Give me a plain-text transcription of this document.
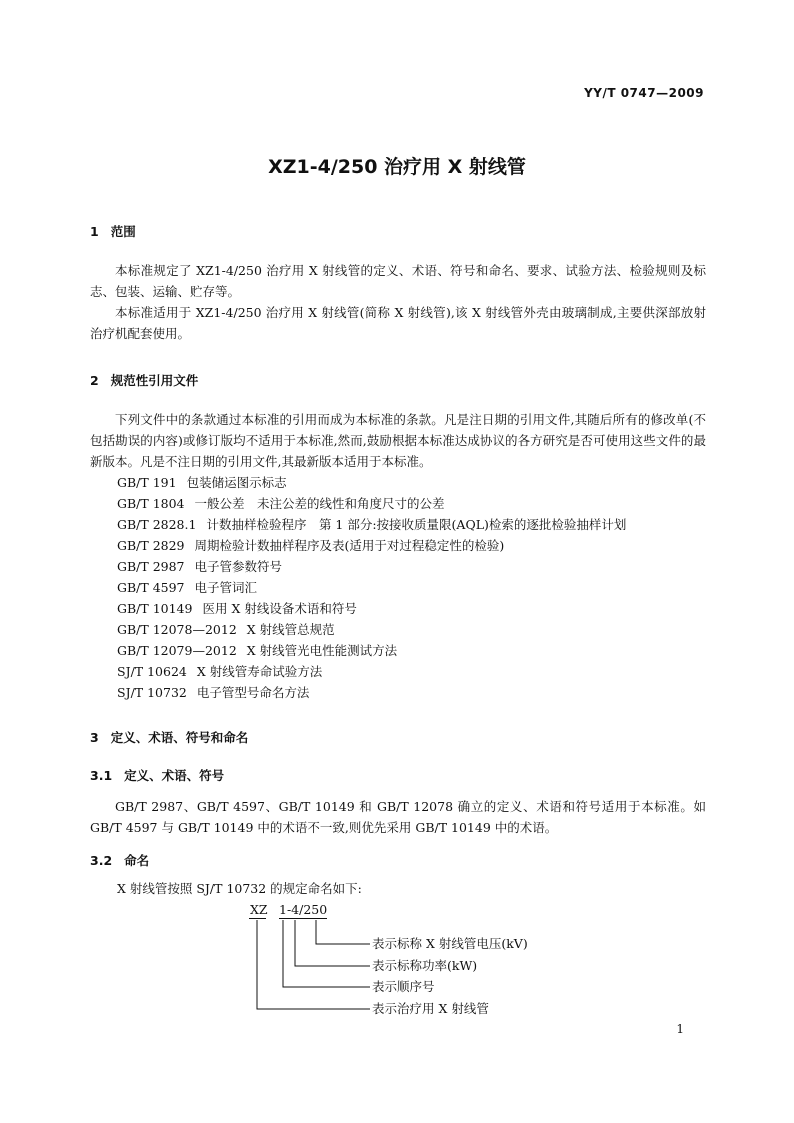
YY/T 0747—2009
XZ1-4/250 治疗用 X 射线管
1 范围

本标准规定了 XZ1-4/250 治疗用 X 射线管的定义、术语、符号和命名、要求、试验方法、检验规则及标志、包装、运输、贮存等。

本标准适用于 XZ1-4/250 治疗用 X 射线管(简称 X 射线管),该 X 射线管外壳由玻璃制成,主要供深部放射治疗机配套使用。

2 规范性引用文件

下列文件中的条款通过本标准的引用而成为本标准的条款。凡是注日期的引用文件,其随后所有的修改单(不包括勘误的内容)或修订版均不适用于本标准,然而,鼓励根据本标准达成协议的各方研究是否可使用这些文件的最新版本。凡是不注日期的引用文件,其最新版本适用于本标准。

GB/T 191 包装储运图示标志
GB/T 1804 一般公差　未注公差的线性和角度尺寸的公差
GB/T 2828.1 计数抽样检验程序　第 1 部分:按接收质量限(AQL)检索的逐批检验抽样计划
GB/T 2829 周期检验计数抽样程序及表(适用于对过程稳定性的检验)
GB/T 2987 电子管参数符号
GB/T 4597 电子管词汇
GB/T 10149 医用 X 射线设备术语和符号
GB/T 12078—2012 X 射线管总规范
GB/T 12079—2012 X 射线管光电性能测试方法
SJ/T 10624 X 射线管寿命试验方法
SJ/T 10732 电子管型号命名方法
3 定义、术语、符号和命名
3.1 定义、术语、符号

GB/T 2987、GB/T 4597、GB/T 10149 和 GB/T 12078 确立的定义、术语和符号适用于本标准。如 GB/T 4597 与 GB/T 10149 中的术语不一致,则优先采用 GB/T 10149 中的术语。

3.2 命名
X 射线管按照 SJ/T 10732 的规定命名如下:
XZ 1-4/250
表示标称 X 射线管电压(kV)
表示标称功率(kW)
表示顺序号
表示治疗用 X 射线管
1
